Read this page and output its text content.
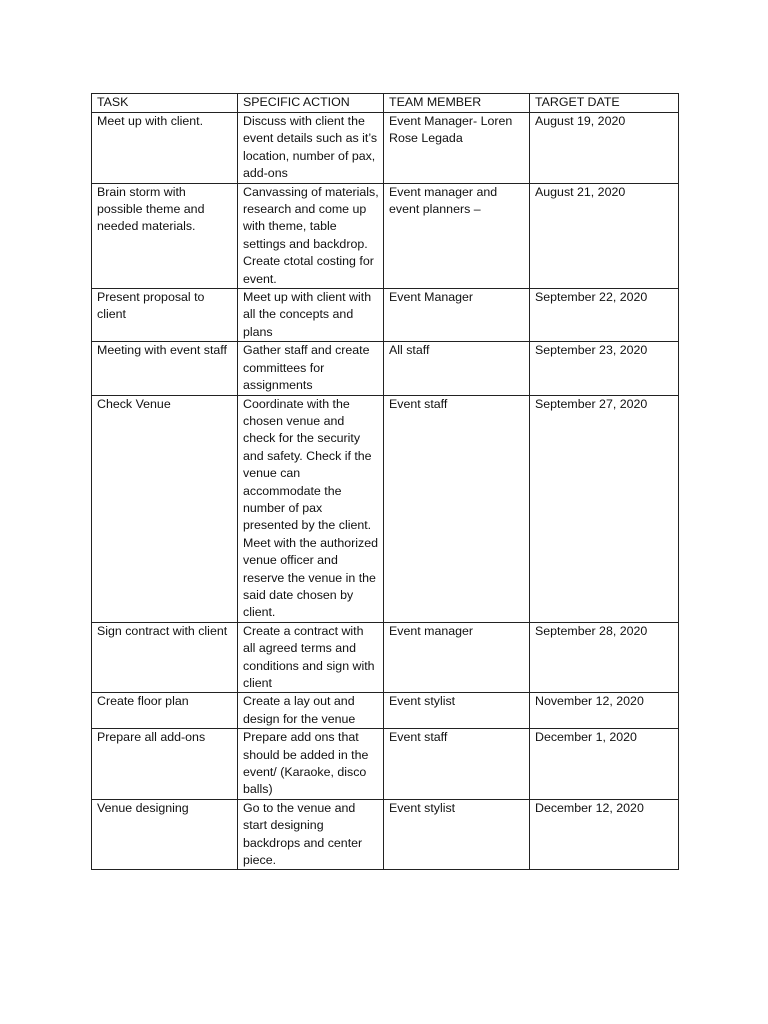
TASK	SPECIFIC ACTION	TEAM MEMBER	TARGET DATE
Meet up with client.	Discuss with client the event details such as it’s location, number of pax, add-ons	Event Manager- Loren Rose Legada	August 19, 2020
Brain storm with possible theme and needed materials.	Canvassing of materials, research and come up with theme, table settings and backdrop. Create ctotal costing for event.	Event manager and event planners –	August 21, 2020
Present proposal to client	Meet up with client with all the concepts and plans	Event Manager	September 22, 2020
Meeting with event staff	Gather staff and create committees for assignments	All staff	September 23, 2020
Check Venue	Coordinate with the chosen venue and check for the security and safety. Check if the venue can accommodate the number of pax presented by the client. Meet with the authorized venue officer and reserve the venue in the said date chosen by client.	Event staff	September 27, 2020
Sign contract with client	Create a contract with all agreed terms and conditions and sign with client	Event manager	September 28, 2020
Create floor plan	Create a lay out and design for the venue	Event stylist	November 12, 2020
Prepare all add-ons	Prepare add ons that should be added in the event/ (Karaoke, disco balls)	Event staff	December 1, 2020
Venue designing	Go to the venue and start designing backdrops and center piece.	Event stylist	December 12, 2020
